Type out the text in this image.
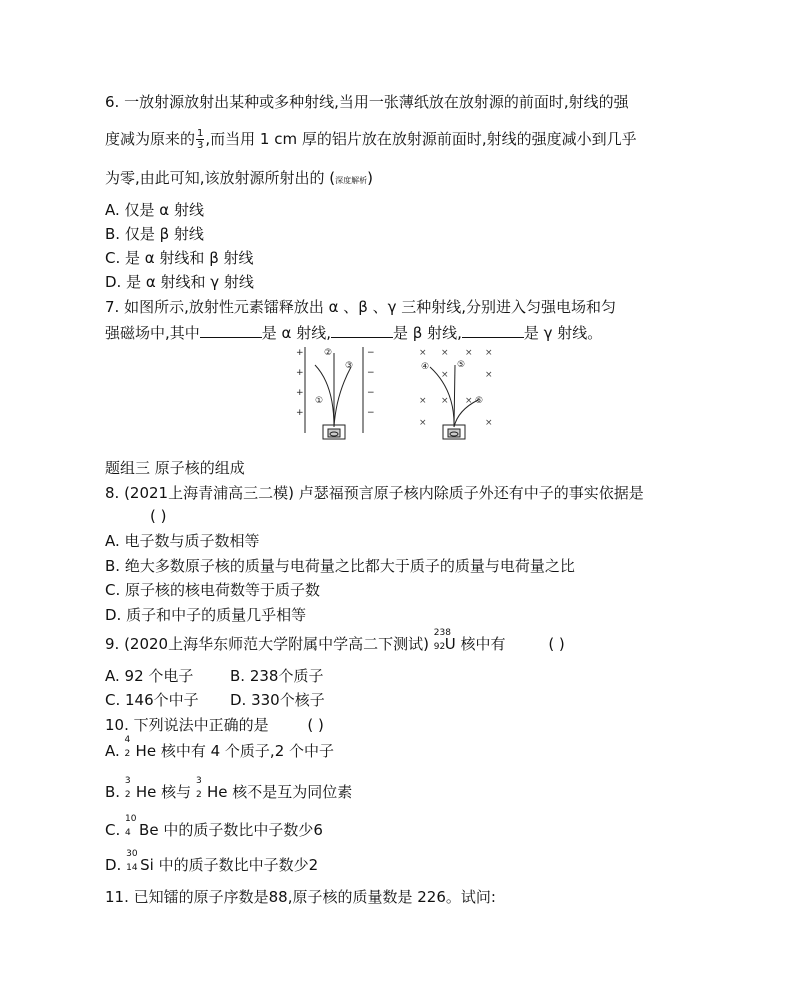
6. 一放射源放射出某种或多种射线,当用一张薄纸放在放射源的前面时,射线的强
度减为原来的 $\frac{1}{3}$ ,而当用 1 cm 厚的铝片放在放射源前面时,射线的强度减小到几乎
为零,由此可知,该放射源所射出的 (深度解析)
A. 仅是 α 射线
B. 仅是 β 射线
C. 是 α 射线和 β 射线
D. 是 α 射线和 γ 射线
7. 如图所示,放射性元素镭释放出 α 、β 、γ 三种射线,分别进入匀强电场和匀
强磁场中,其中	是 α 射线,	是 β 射线,	是 γ 射线。
+
+
+
+
−
−
−
−
①
②
③
× × × ×
×	×
× × ×
×	×
④	⑤
⑥
题组三 原子核的组成
8. (2021上海青浦高三二模) 卢瑟福预言原子核内除质子外还有中子的事实依据是
( )
A. 电子数与质子数相等
B. 绝大多数原子核的质量与电荷量之比都大于质子的质量与电荷量之比
C. 原子核的核电荷数等于质子数
D. 质子和中子的质量几乎相等
9. (2020上海华东师范大学附属中学高二下测试)
238
92 U 核中有	( )
A. 92 个电子 B. 238个质子
C. 146个中子 D. 330个核子
10. 下列说法中正确的是	( )
A.
4
2 He 核中有 4 个质子,2 个中子
B.
3
2 He 核与
3
2 He 核不是互为同位素
C.
10
4 Be 中的质子数比中子数少6
D.
30
14 Si 中的质子数比中子数少2
11. 已知镭的原子序数是88,原子核的质量数是 226。试问:
